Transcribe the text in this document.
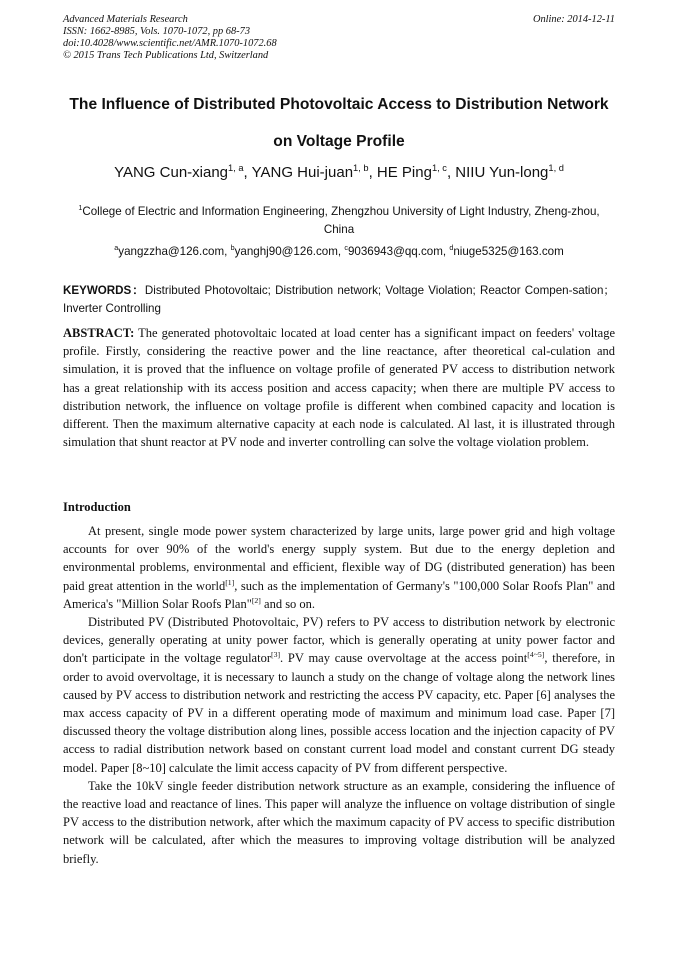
Advanced Materials Research
ISSN: 1662-8985, Vols. 1070-1072, pp 68-73
doi:10.4028/www.scientific.net/AMR.1070-1072.68
© 2015 Trans Tech Publications Ltd, Switzerland
Online: 2014-12-11
The Influence of Distributed Photovoltaic Access to Distribution Network
on Voltage Profile
YANG Cun-xiang$^{1, a}$, YANG Hui-juan$^{1, b}$, HE Ping$^{1, c}$, NIIU Yun-long$^{1, d}$
$^1$College of Electric and Information Engineering, Zhengzhou University of Light Industry, Zheng-zhou, China
$^a$yangzzha@126.com, $^b$yanghj90@126.com, $^c$9036943@qq.com, $^d$niuge5325@163.com
KEYWORDS：Distributed Photovoltaic; Distribution network; Voltage Violation; Reactor Compen-sation；Inverter Controlling
ABSTRACT: The generated photovoltaic located at load center has a significant impact on feeders' voltage profile. Firstly, considering the reactive power and the line reactance, after theoretical cal-culation and simulation, it is proved that the influence on voltage profile of generated PV access to distribution network has a great relationship with its access position and access capacity; when there are multiple PV access to distribution network, the influence on voltage profile is different when combined capacity and location is different. Then the maximum alternative capacity at each node is calculated. Al last, it is illustrated through simulation that shunt reactor at PV node and inverter controlling can solve the voltage violation problem.
Introduction

At present, single mode power system characterized by large units, large power grid and high voltage accounts for over 90% of the world's energy supply system. But due to the energy depletion and environmental problems, environmental and efficient, flexible way of DG (distributed generation) has been paid great attention in the world[1], such as the implementation of Germany's "100,000 Solar Roofs Plan" and America's "Million Solar Roofs Plan"[2] and so on.

Distributed PV (Distributed Photovoltaic, PV) refers to PV access to distribution network by electronic devices, generally operating at unity power factor, which is generally operating at unity power factor and don't participate in the voltage regulator[3]. PV may cause overvoltage at the access point[4~5], therefore, in order to avoid overvoltage, it is necessary to launch a study on the change of voltage along the network lines caused by PV access to distribution network and restricting the access PV capacity, etc. Paper [6] analyses the max access capacity of PV in a different operating mode of maximum and minimum load case. Paper [7] discussed theory the voltage distribution along lines, possible access location and the injection capacity of PV access to radial distribution network based on constant current load model and constant current DG steady model. Paper [8~10] calculate the limit access capacity of PV from different perspective.

Take the 10kV single feeder distribution network structure as an example, considering the influence of the reactive load and reactance of lines. This paper will analyze the influence on voltage distribution of single PV access to the distribution network, after which the maximum capacity of PV access to specific distribution network will be calculated, after which the measures to improving voltage distribution will be analyzed briefly.
